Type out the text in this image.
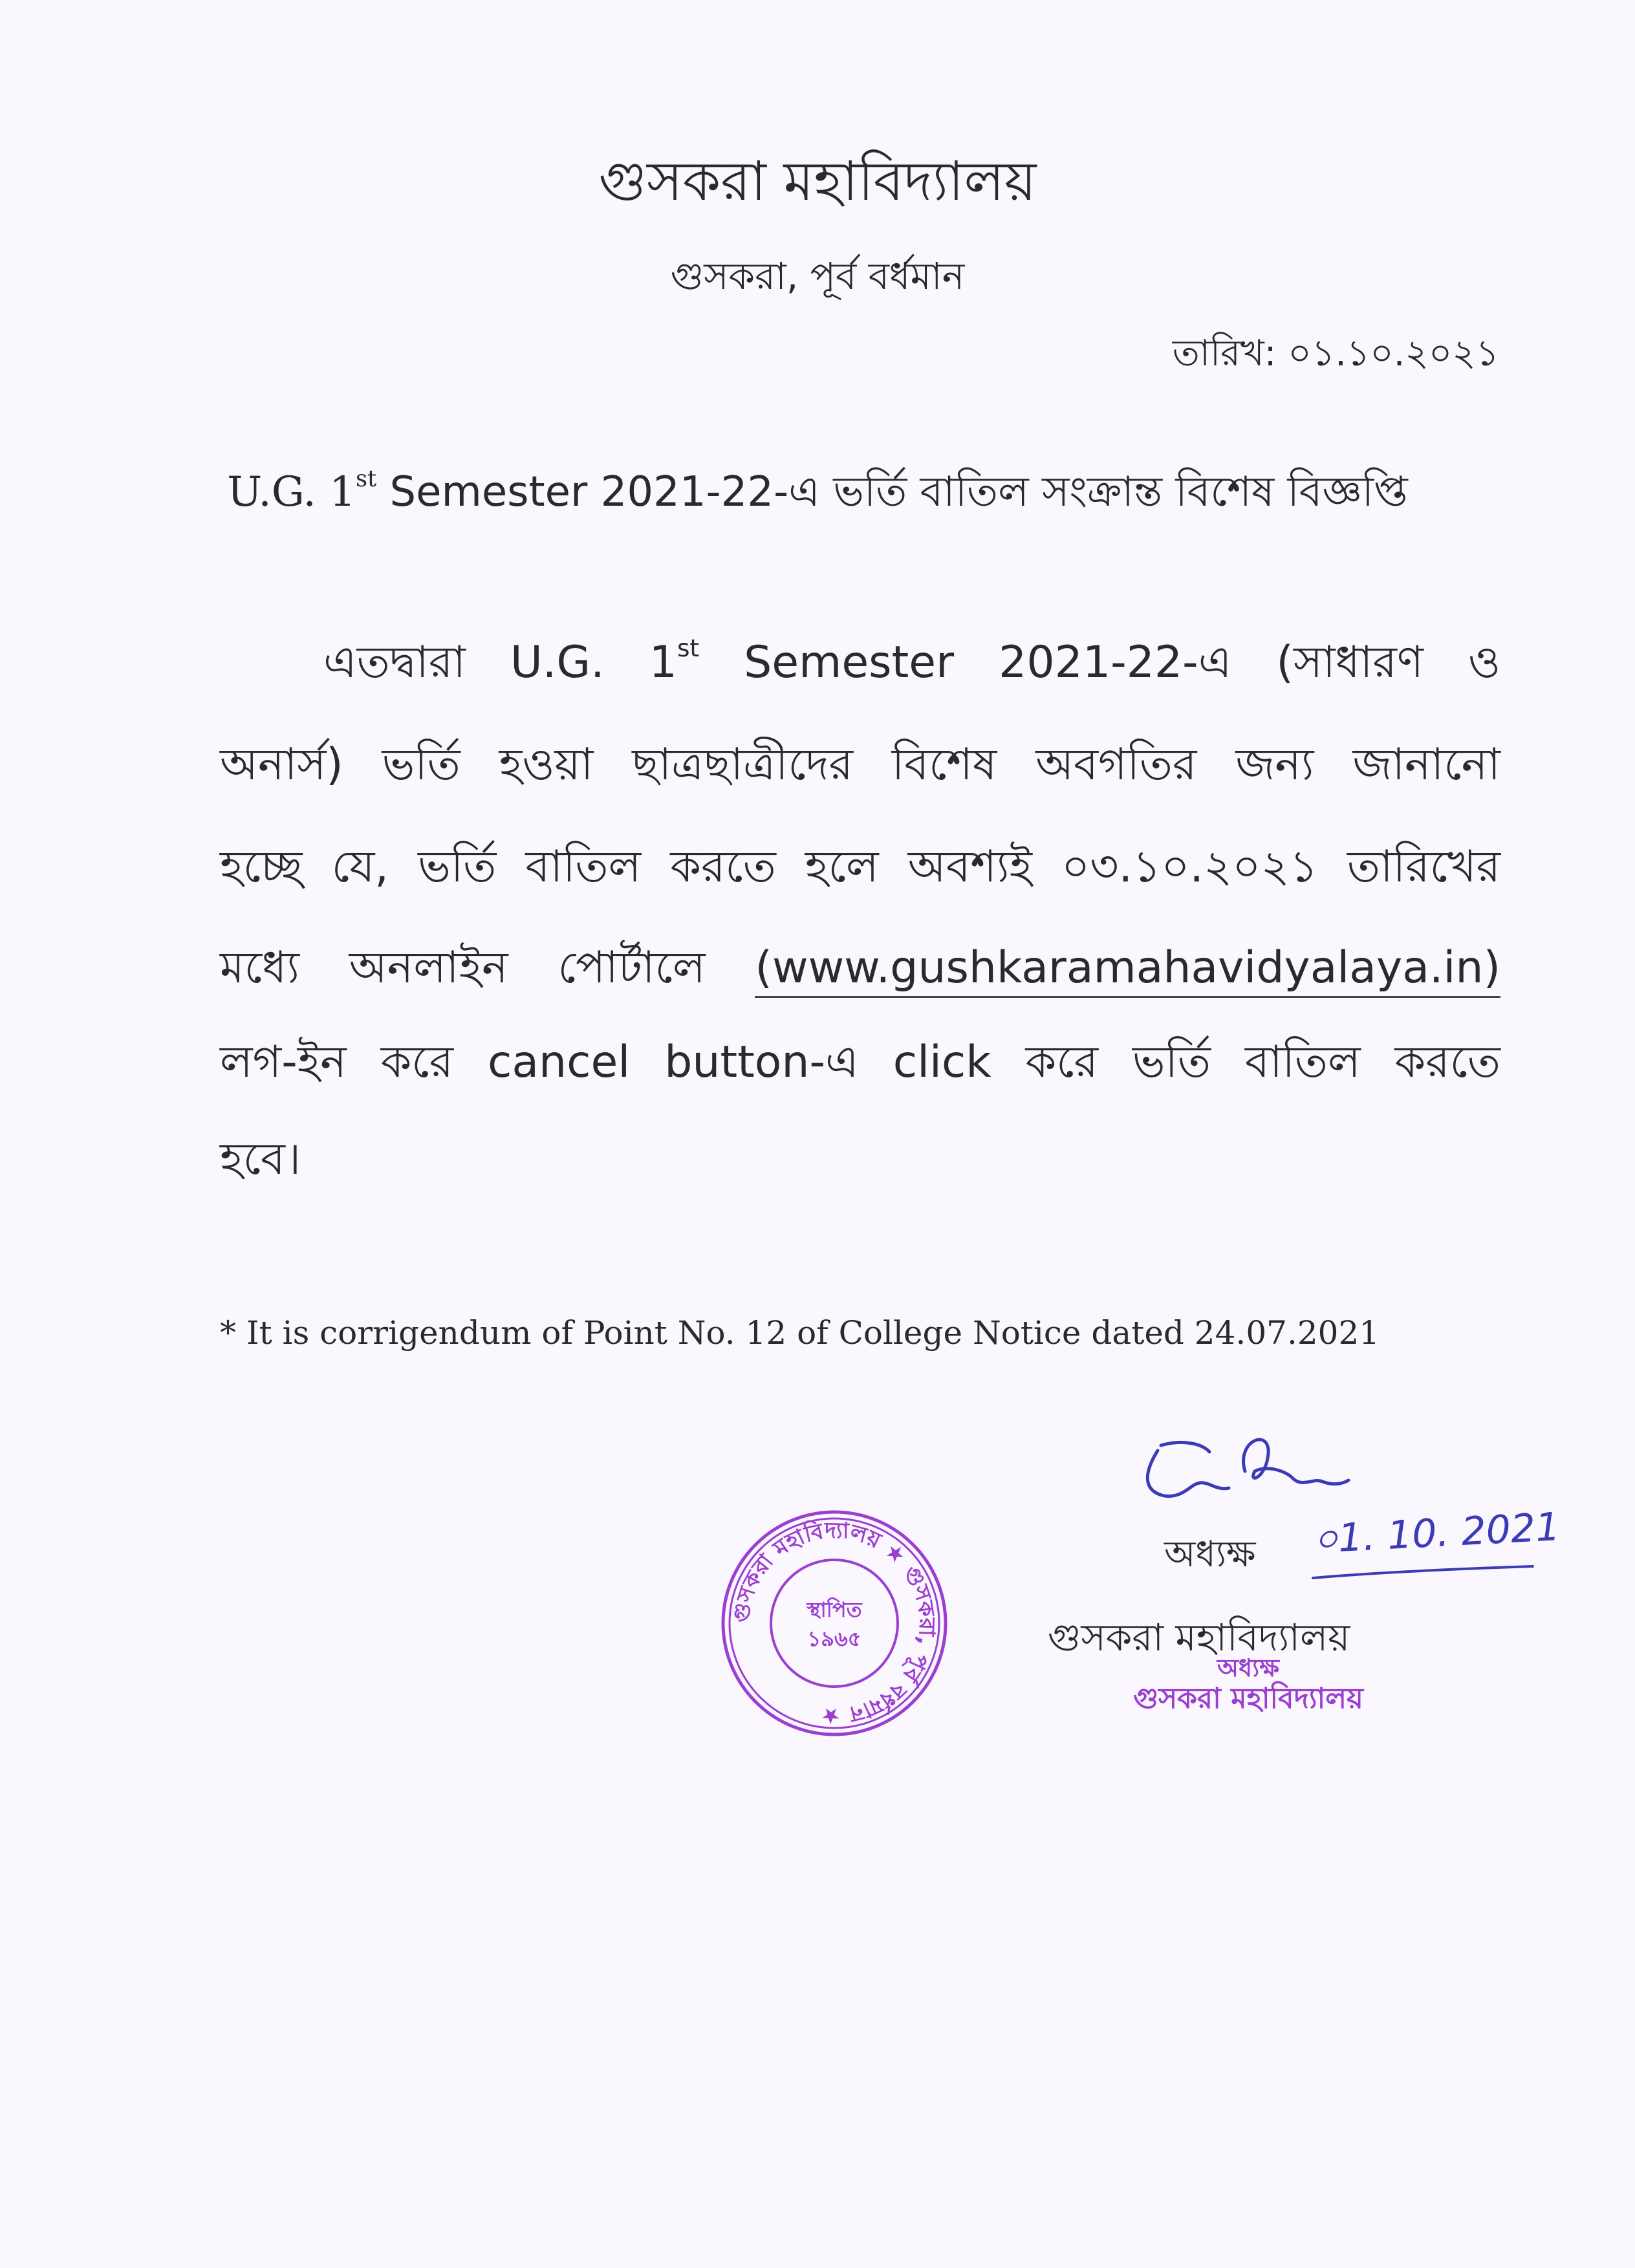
গুসকরা মহাবিদ্যালয়
গুসকরা, পূর্ব বর্ধমান
তারিখ: ০১.১০.২০২১
U.G. 1st Semester 2021-22-এ ভর্তি বাতিল সংক্রান্ত বিশেষ বিজ্ঞপ্তি
এতদ্বারা U.G. 1st Semester 2021-22-এ (সাধারণ ও
অনার্স) ভর্তি হওয়া ছাত্রছাত্রীদের বিশেষ অবগতির জন্য জানানো
হচ্ছে যে, ভর্তি বাতিল করতে হলে অবশ্যই ০৩.১০.২০২১ তারিখের
মধ্যে অনলাইন পোর্টালে (www.gushkaramahavidyalaya.in)
লগ-ইন করে cancel button-এ click করে ভর্তি বাতিল করতে
হবে।
* It is corrigendum of Point No. 12 of College Notice dated 24.07.2021
০1. 10. 2021
অধ্যক্ষ
গুসকরা মহাবিদ্যালয়
অধ্যক্ষ
গুসকরা মহাবিদ্যালয়
গুসকরা মহাবিদ্যালয় ★ গুসকরা, পূর্ব বর্ধমান ★
স্থাপিত
১৯৬৫
